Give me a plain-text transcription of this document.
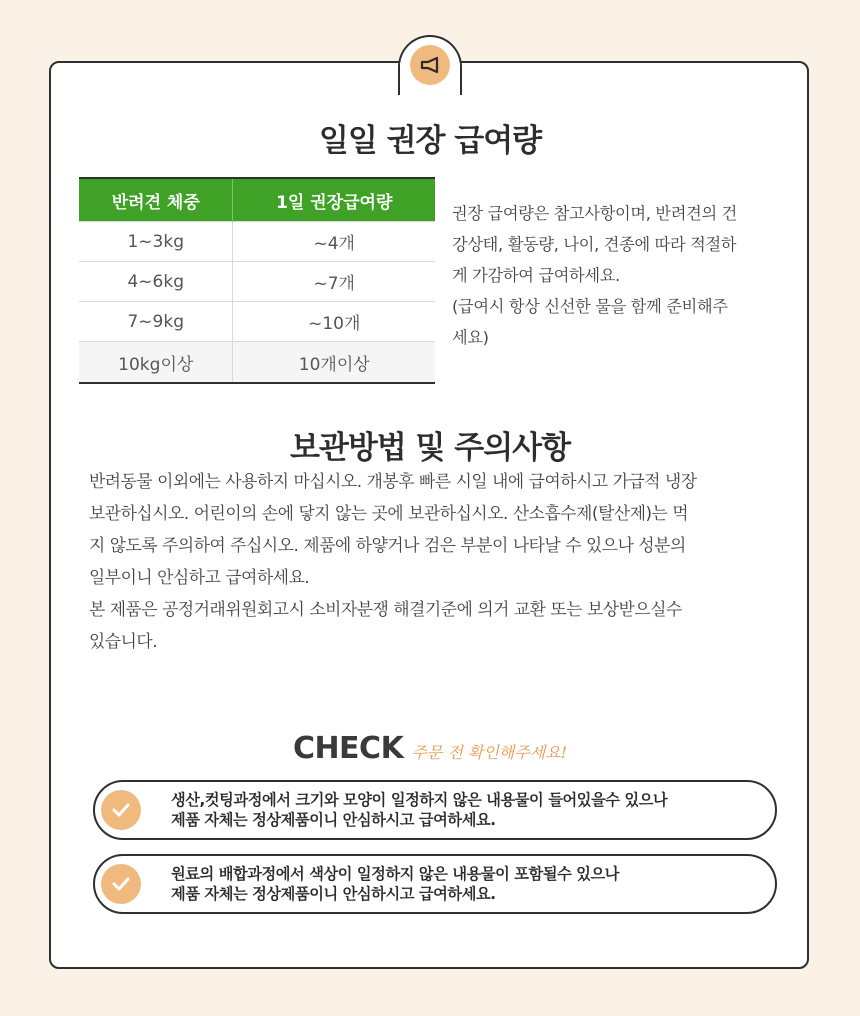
일일 권장 급여량
반려견 체중	1일 권장급여량
1~3kg	~4개
4~6kg	~7개
7~9kg	~10개
10kg이상	10개이상

권장 급여량은 참고사항이며, 반려견의 건

강상태, 활동량, 나이, 견종에 따라 적절하

게 가감하여 급여하세요.

(급여시 항상 신선한 물을 함께 준비해주

세요)

보관방법 및 주의사항

반려동물 이외에는 사용하지 마십시오. 개봉후 빠른 시일 내에 급여하시고 가급적 냉장

보관하십시오. 어린이의 손에 닿지 않는 곳에 보관하십시오. 산소흡수제(탈산제)는 먹

지 않도록 주의하여 주십시오. 제품에 하얗거나 검은 부분이 나타날 수 있으나 성분의

일부이니 안심하고 급여하세요.

본 제품은 공정거래위원회고시 소비자분쟁 해결기준에 의거 교환 또는 보상받으실수

있습니다.

CHECK 주문 전 확인해주세요!

생산,컷팅과정에서 크기와 모양이 일정하지 않은 내용물이 들어있을수 있으나

제품 자체는 정상제품이니 안심하시고 급여하세요.

원료의 배합과정에서 색상이 일정하지 않은 내용물이 포함될수 있으나

제품 자체는 정상제품이니 안심하시고 급여하세요.
